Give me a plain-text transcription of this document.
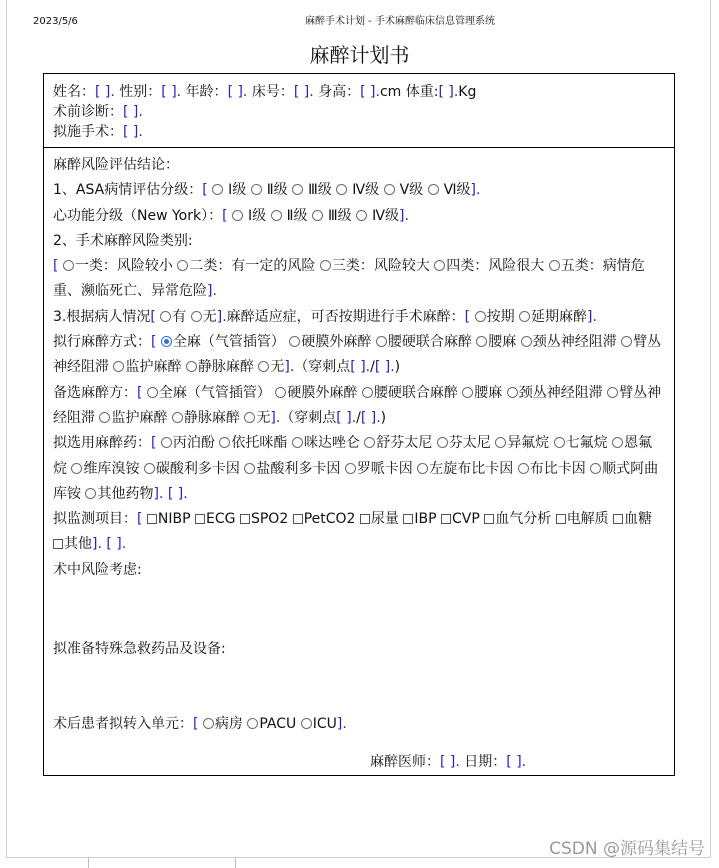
2023/5/6	麻醉手术计划 - 手术麻醉临床信息管理系统
麻醉计划书
姓名：[ ]. 性别：[ ]. 年龄：[ ]. 床号：[ ]. 身高：[ ].cm 体重:[ ].Kg
术前诊断：[ ].
拟施手术：[ ].
麻醉风险评估结论：
1、ASA病情评估分级：[ Ⅰ级 Ⅱ级 Ⅲ级 Ⅳ级 Ⅴ级 Ⅵ级].
心功能分级（New York）：[ Ⅰ级 Ⅱ级 Ⅲ级 Ⅳ级].
2、手术麻醉风险类别:
[ 一类：风险较小 二类：有一定的风险 三类：风险较大 四类：风险很大 五类：病情危重、濒临死亡、异常危险].
3.根据病人情况[ 有 无].麻醉适应症，可否按期进行手术麻醉：[ 按期 延期麻醉].
拟行麻醉方式：[ 全麻（气管插管） 硬膜外麻醉 腰硬联合麻醉 腰麻 颈丛神经阻滞 臂丛神经阻滞 监护麻醉 静脉麻醉 无].（穿刺点[ ]./[ ].)
备选麻醉方：[ 全麻（气管插管） 硬膜外麻醉 腰硬联合麻醉 腰麻 颈丛神经阻滞 臂丛神经阻滞 监护麻醉 静脉麻醉 无].（穿刺点[ ]./[ ].)
拟选用麻醉药：[ 丙泊酚 依托咪酯 咪达唑仑 舒芬太尼 芬太尼 异氟烷 七氟烷 恩氟烷 维库溴铵 碳酸利多卡因 盐酸利多卡因 罗哌卡因 左旋布比卡因 布比卡因 顺式阿曲库铵 其他药物]. [ ].
拟监测项目：[ NIBP ECG SPO2 PetCO2 尿量 IBP CVP 血气分析 电解质 血糖 其他]. [ ].
术中风险考虑:
拟准备特殊急救药品及设备:
术后患者拟转入单元：[ 病房 PACU ICU].
麻醉医师：[ ]. 日期：[ ].
CSDN @源码集结号
